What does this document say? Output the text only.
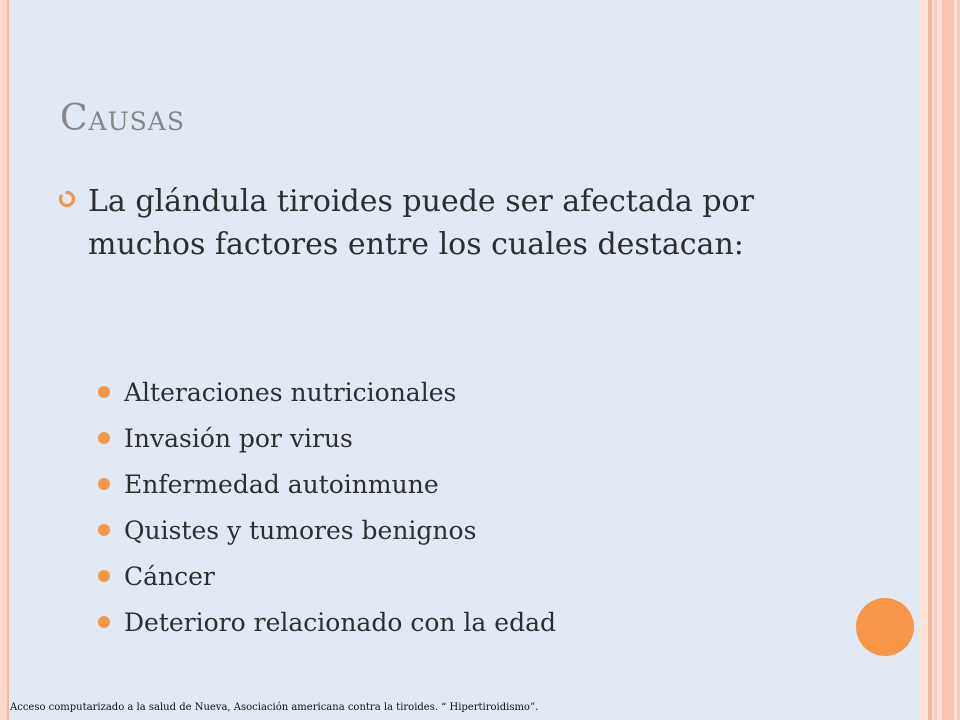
Causas
La glándula tiroides puede ser afectada por muchos factores entre los cuales destacan:
Alteraciones nutricionales
Invasión por virus
Enfermedad autoinmune
Quistes y tumores benignos
Cáncer
Deterioro relacionado con la edad
Acceso computarizado a la salud de Nueva, Asociación americana contra la tiroides. “ Hipertiroidismo”.
